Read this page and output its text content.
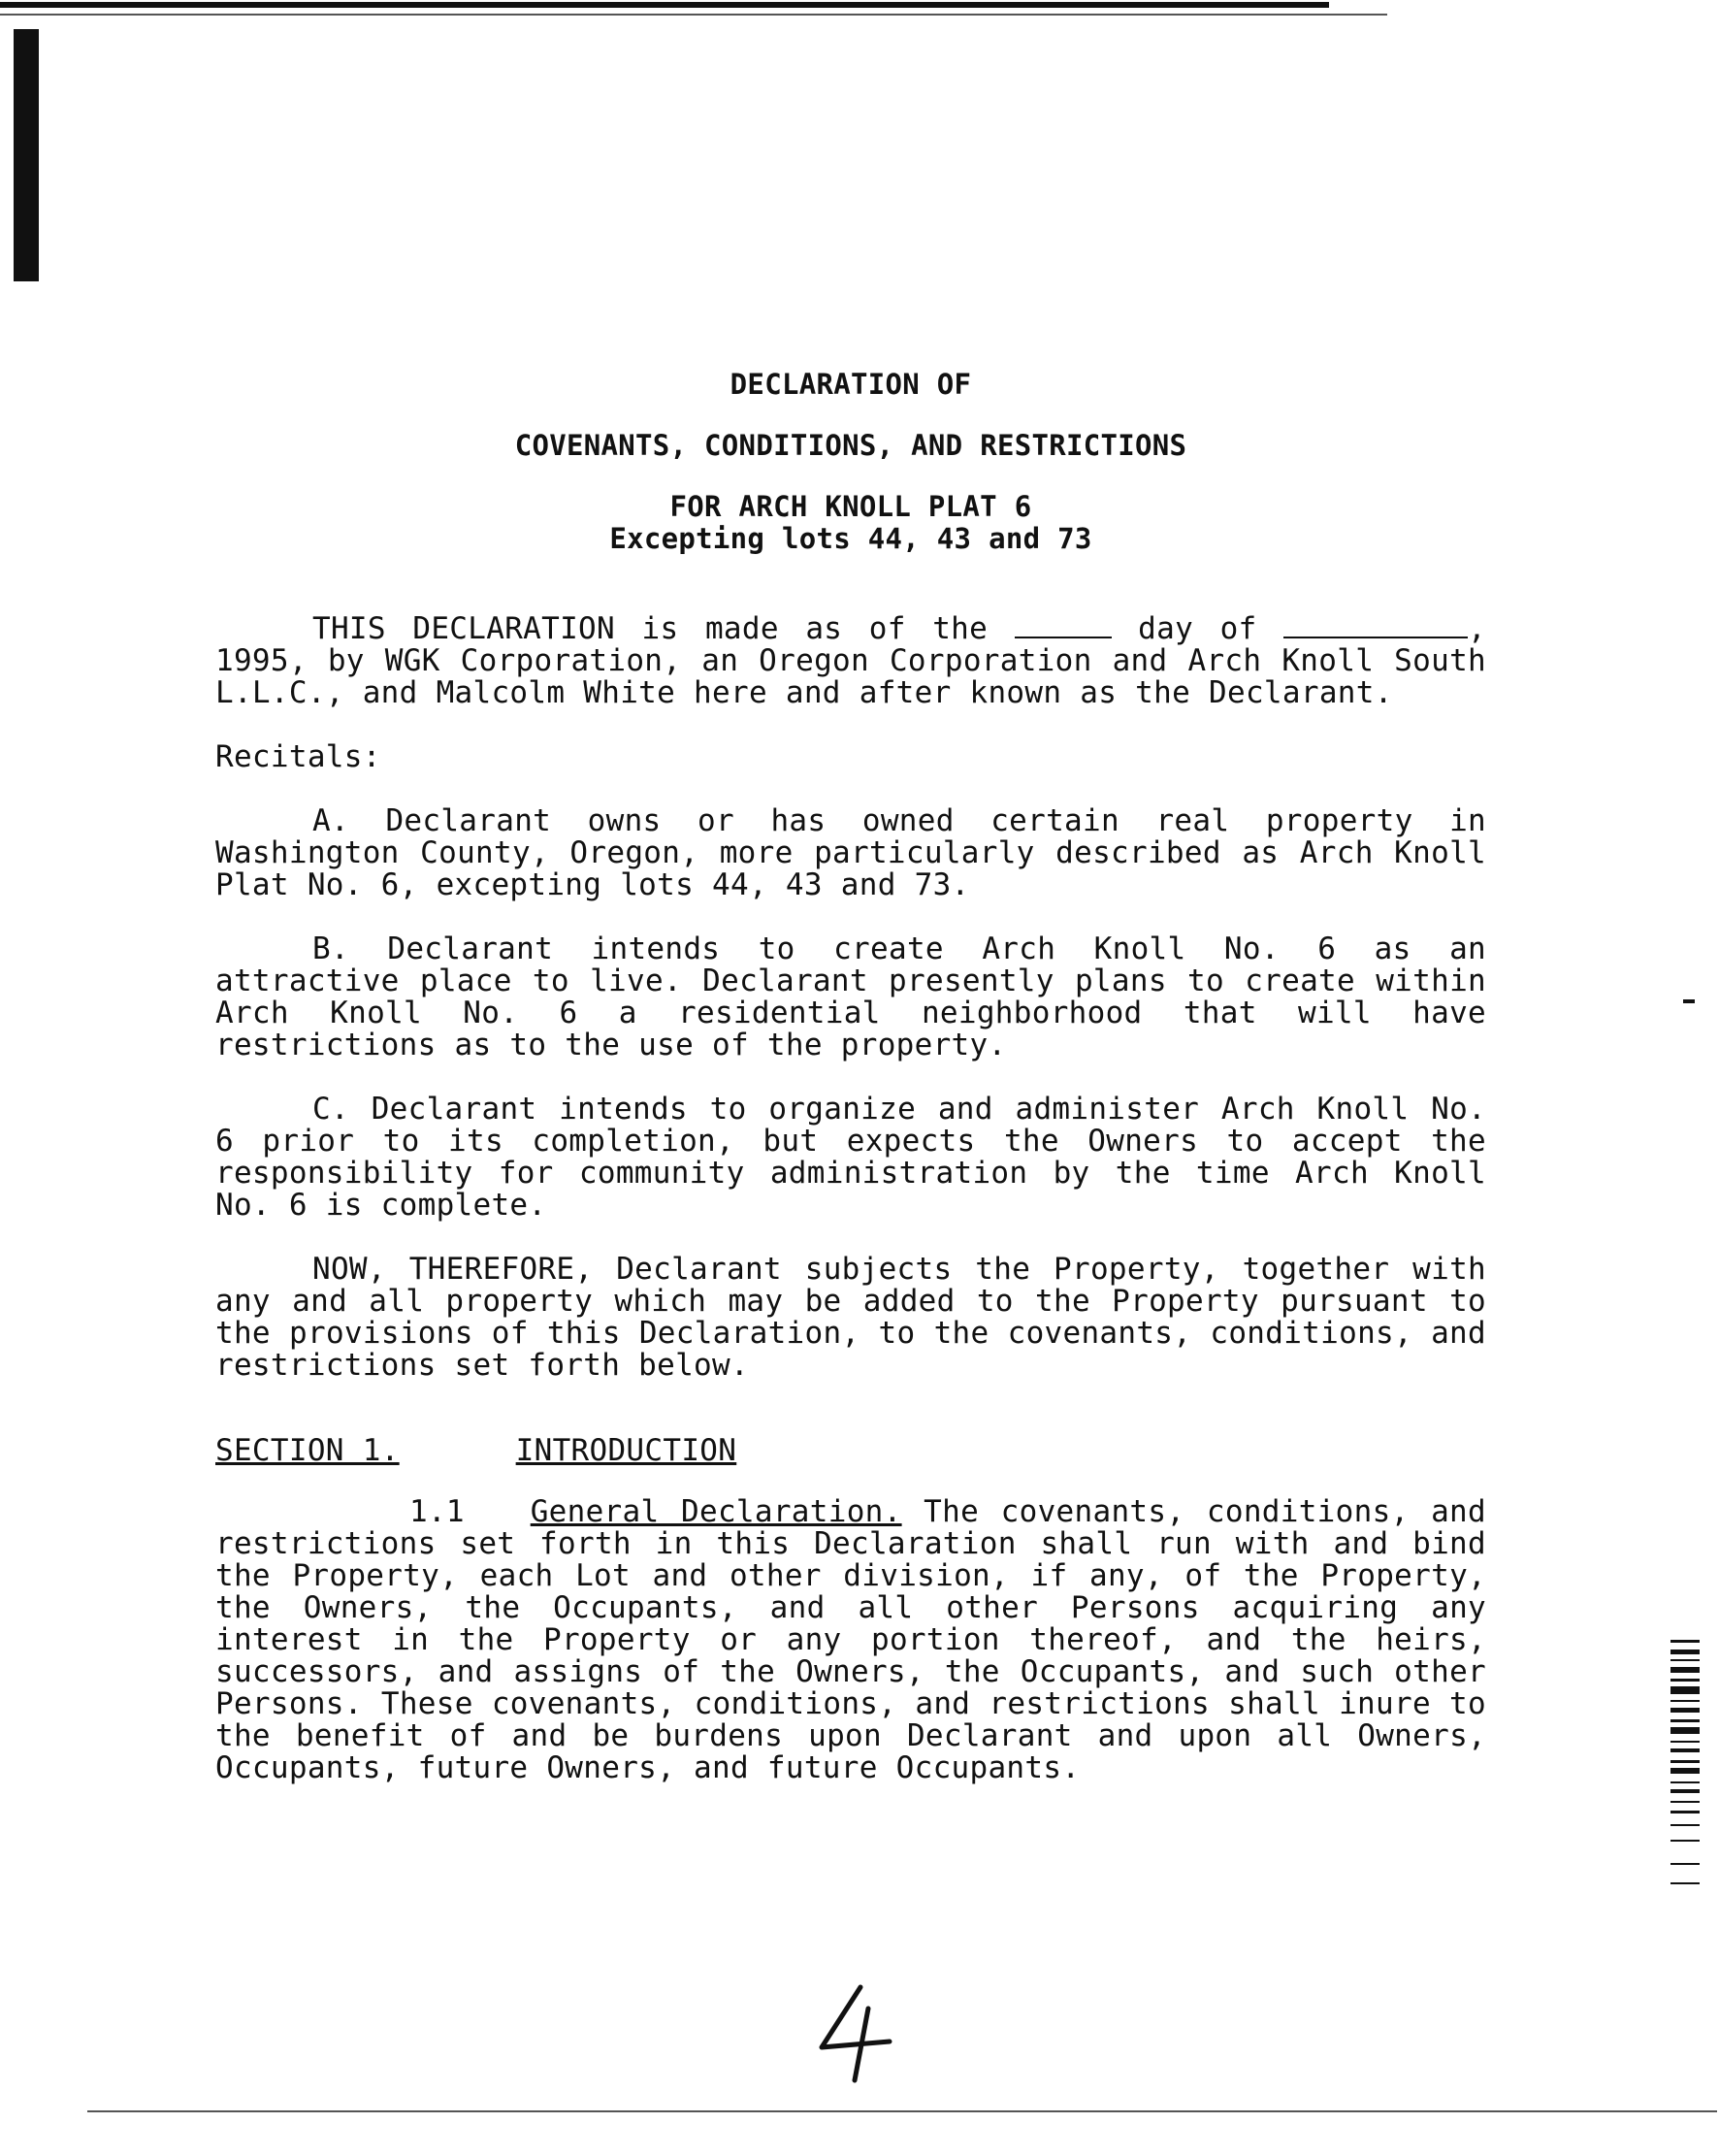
DECLARATION OF
COVENANTS, CONDITIONS, AND RESTRICTIONS
FOR ARCH KNOLL PLAT 6
Excepting lots 44, 43 and 73

THIS DECLARATION is made as of the	day of	, 1995, by WGK Corporation, an Oregon Corporation and Arch Knoll South L.L.C., and Malcolm White here and after known as the Declarant.

Recitals:

A. Declarant owns or has owned certain real property in Washington County, Oregon, more particularly described as Arch Knoll Plat No. 6, excepting lots 44, 43 and 73.

B. Declarant intends to create Arch Knoll No. 6 as an attractive place to live. Declarant presently plans to create within Arch Knoll No. 6 a residential neighborhood that will have restrictions as to the use of the property.

C. Declarant intends to organize and administer Arch Knoll No. 6 prior to its completion, but expects the Owners to accept the responsibility for community administration by the time Arch Knoll No. 6 is complete.

NOW, THEREFORE, Declarant subjects the Property, together with any and all property which may be added to the Property pursuant to the provisions of this Declaration, to the covenants, conditions, and restrictions set forth below.

SECTION 1.	INTRODUCTION

1.1 General Declaration. The covenants, conditions, and restrictions set forth in this Declaration shall run with and bind the Property, each Lot and other division, if any, of the Property, the Owners, the Occupants, and all other Persons acquiring any interest in the Property or any portion thereof, and the heirs, successors, and assigns of the Owners, the Occupants, and such other Persons. These covenants, conditions, and restrictions shall inure to the benefit of and be burdens upon Declarant and upon all Owners, Occupants, future Owners, and future Occupants.
